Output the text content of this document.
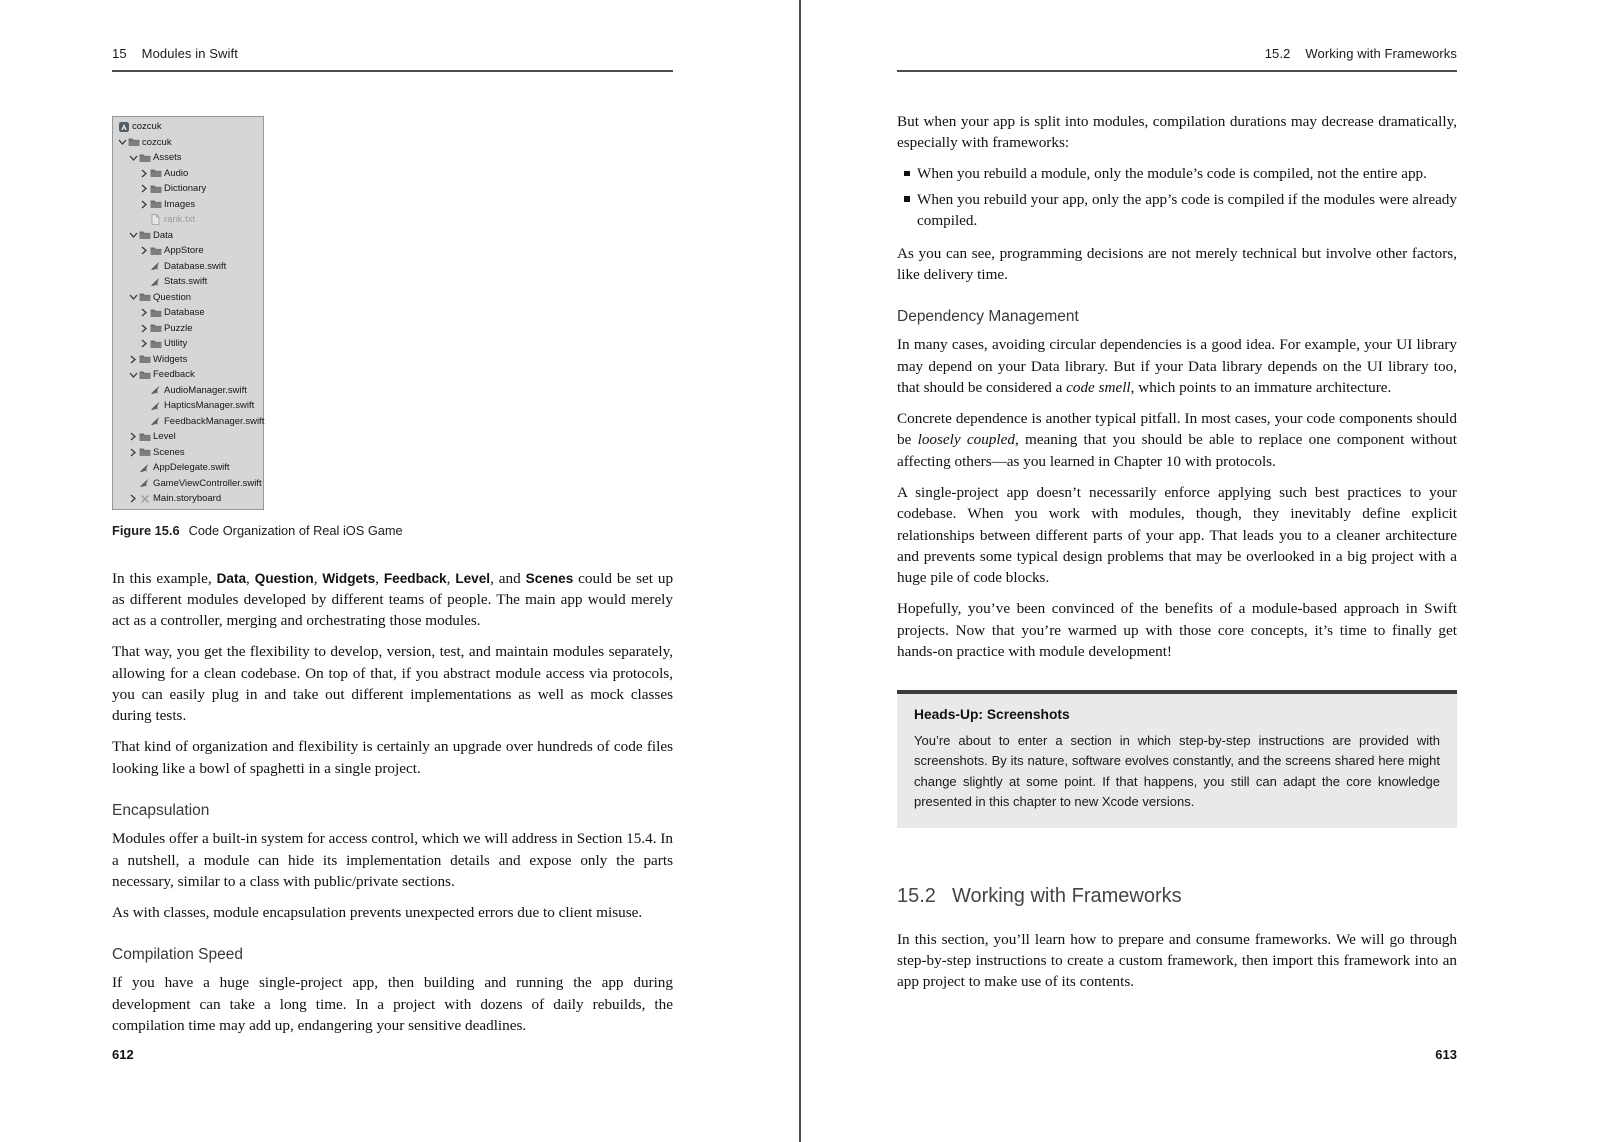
15 Modules in Swift
cozcuk
cozcuk
Assets
Audio
Dictionary
Images
rank.txt
Data
AppStore
Database.swift
Stats.swift
Question
Database
Puzzle
Utility
Widgets
Feedback
AudioManager.swift
HapticsManager.swift
FeedbackManager.swift
Level
Scenes
AppDelegate.swift
GameViewController.swift
Main.storyboard
Figure 15.6 Code Organization of Real iOS Game

In this example, Data, Question, Widgets, Feedback, Level, and Scenes could be set up as different modules developed by different teams of people. The main app would merely act as a controller, merging and orchestrating those modules.

That way, you get the flexibility to develop, version, test, and maintain modules separately, allowing for a clean codebase. On top of that, if you abstract module access via protocols, you can easily plug in and take out different implementations as well as mock classes during tests.

That kind of organization and flexibility is certainly an upgrade over hundreds of code files looking like a bowl of spaghetti in a single project.

Encapsulation

Modules offer a built-in system for access control, which we will address in Section 15.4. In a nutshell, a module can hide its implementation details and expose only the parts necessary, similar to a class with public/private sections.

As with classes, module encapsulation prevents unexpected errors due to client misuse.

Compilation Speed

If you have a huge single-project app, then building and running the app during development can take a long time. In a project with dozens of daily rebuilds, the compilation time may add up, endangering your sensitive deadlines.

612
15.2 Working with Frameworks

But when your app is split into modules, compilation durations may decrease dramatically, especially with frameworks:

When you rebuild a module, only the module’s code is compiled, not the entire app.
When you rebuild your app, only the app’s code is compiled if the modules were already compiled.

As you can see, programming decisions are not merely technical but involve other factors, like delivery time.

Dependency Management

In many cases, avoiding circular dependencies is a good idea. For example, your UI library may depend on your Data library. But if your Data library depends on the UI library too, that should be considered a code smell, which points to an immature architecture.

Concrete dependence is another typical pitfall. In most cases, your code components should be loosely coupled, meaning that you should be able to replace one component without affecting others—as you learned in Chapter 10 with protocols.

A single-project app doesn’t necessarily enforce applying such best practices to your codebase. When you work with modules, though, they inevitably define explicit relationships between different parts of your app. That leads you to a cleaner architecture and prevents some typical design problems that may be overlooked in a big project with a huge pile of code blocks.

Hopefully, you’ve been convinced of the benefits of a module-based approach in Swift projects. Now that you’re warmed up with those core concepts, it’s time to finally get hands-on practice with module development!

Heads-Up: Screenshots
You’re about to enter a section in which step-by-step instructions are provided with screenshots. By its nature, software evolves constantly, and the screens shared here might change slightly at some point. If that happens, you still can adapt the core knowledge presented in this chapter to new Xcode versions.
15.2 Working with Frameworks

In this section, you’ll learn how to prepare and consume frameworks. We will go through step-by-step instructions to create a custom framework, then import this framework into an app project to make use of its contents.

613
